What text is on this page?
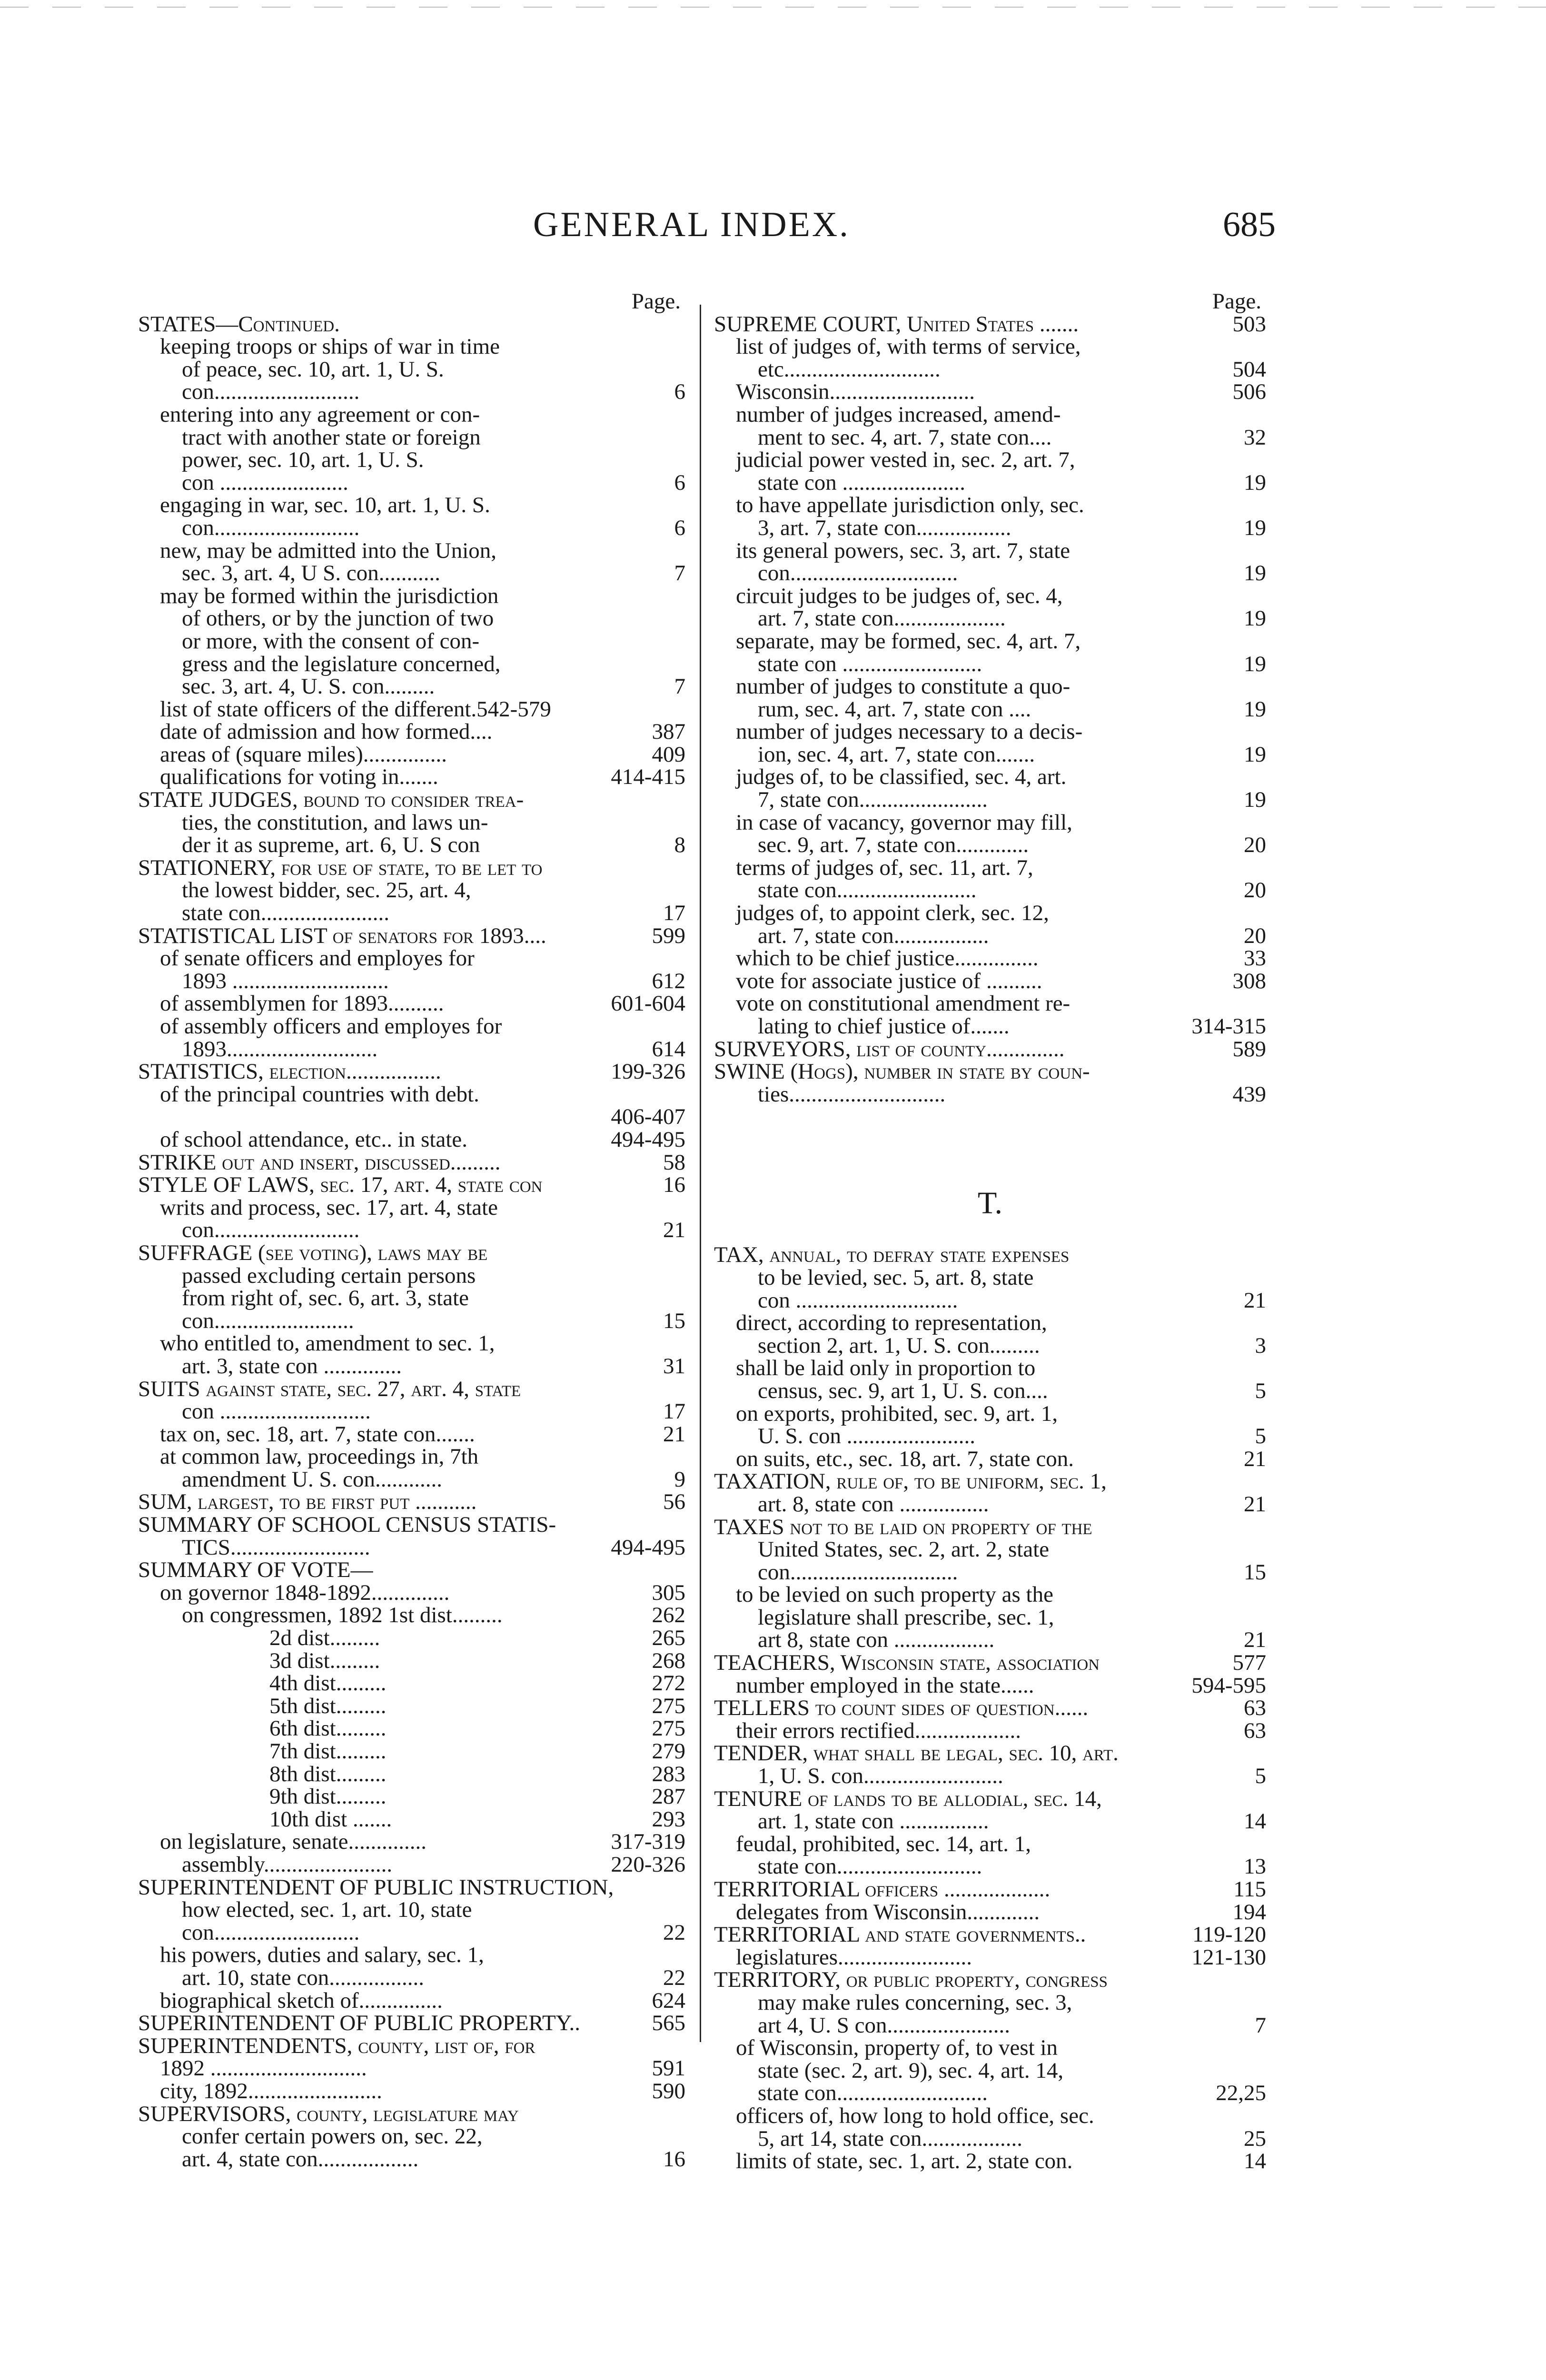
GENERAL INDEX.	685
Page.
STATES—Continued.
keeping troops or ships of war in time
of peace, sec. 10, art. 1, U. S.
con..........................	6
entering into any agreement or con-
tract with another state or foreign
power, sec. 10, art. 1, U. S.
con .......................	6
engaging in war, sec. 10, art. 1, U. S.
con..........................	6
new, may be admitted into the Union,
sec. 3, art. 4, U S. con...........	7
may be formed within the jurisdiction
of others, or by the junction of two
or more, with the consent of con-
gress and the legislature concerned,
sec. 3, art. 4, U. S. con.........	7
list of state officers of the different.542-579
date of admission and how formed....	387
areas of (square miles)...............	409
qualifications for voting in.......	414-415
STATE JUDGES, bound to consider trea-
ties, the constitution, and laws un-
der it as supreme, art. 6, U. S con	8
STATIONERY, for use of state, to be let to
the lowest bidder, sec. 25, art. 4,
state con.......................	17
STATISTICAL LIST of senators for 1893....	599
of senate officers and employes for
1893 ............................	612
of assemblymen for 1893..........	601-604
of assembly officers and employes for
1893...........................	614
STATISTICS, election.................	199-326
of the principal countries with debt.
406-407
of school attendance, etc.. in state.	494-495
STRIKE out and insert, discussed.........	58
STYLE OF LAWS, sec. 17, art. 4, state con	16
writs and process, sec. 17, art. 4, state
con..........................	21
SUFFRAGE (see voting), laws may be
passed excluding certain persons
from right of, sec. 6, art. 3, state
con.........................	15
who entitled to, amendment to sec. 1,
art. 3, state con ..............	31
SUITS against state, sec. 27, art. 4, state
con ...........................	17
tax on, sec. 18, art. 7, state con.......	21
at common law, proceedings in, 7th
amendment U. S. con............	9
SUM, largest, to be first put ...........	56
SUMMARY OF SCHOOL CENSUS STATIS-
TICS.........................	494-495
SUMMARY OF VOTE—
on governor 1848-1892..............	305
on congressmen, 1892 1st dist.........	262
2d dist.........	265
3d dist.........	268
4th dist.........	272
5th dist.........	275
6th dist.........	275
7th dist.........	279
8th dist.........	283
9th dist.........	287
10th dist .......	293
on legislature, senate..............	317-319
assembly.......................	220-326
SUPERINTENDENT OF PUBLIC INSTRUCTION,
how elected, sec. 1, art. 10, state
con..........................	22
his powers, duties and salary, sec. 1,
art. 10, state con.................	22
biographical sketch of...............	624
SUPERINTENDENT OF PUBLIC PROPERTY..	565
SUPERINTENDENTS, county, list of, for
1892 ............................	591
city, 1892........................	590
SUPERVISORS, county, legislature may
confer certain powers on, sec. 22,
art. 4, state con..................	16
Page.
SUPREME COURT, United States .......	503
list of judges of, with terms of service,
etc............................	504
Wisconsin..........................	506
number of judges increased, amend-
ment to sec. 4, art. 7, state con....	32
judicial power vested in, sec. 2, art. 7,
state con ......................	19
to have appellate jurisdiction only, sec.
3, art. 7, state con.................	19
its general powers, sec. 3, art. 7, state
con..............................	19
circuit judges to be judges of, sec. 4,
art. 7, state con....................	19
separate, may be formed, sec. 4, art. 7,
state con .........................	19
number of judges to constitute a quo-
rum, sec. 4, art. 7, state con ....	19
number of judges necessary to a decis-
ion, sec. 4, art. 7, state con.......	19
judges of, to be classified, sec. 4, art.
7, state con.......................	19
in case of vacancy, governor may fill,
sec. 9, art. 7, state con.............	20
terms of judges of, sec. 11, art. 7,
state con.........................	20
judges of, to appoint clerk, sec. 12,
art. 7, state con.................	20
which to be chief justice...............	33
vote for associate justice of ..........	308
vote on constitutional amendment re-
lating to chief justice of.......	314-315
SURVEYORS, list of county..............	589
SWINE (Hogs), number in state by coun-
ties............................	439
T.
TAX, annual, to defray state expenses
to be levied, sec. 5, art. 8, state
con .............................	21
direct, according to representation,
section 2, art. 1, U. S. con.........	3
shall be laid only in proportion to
census, sec. 9, art 1, U. S. con....	5
on exports, prohibited, sec. 9, art. 1,
U. S. con .......................	5
on suits, etc., sec. 18, art. 7, state con.	21
TAXATION, rule of, to be uniform, sec. 1,
art. 8, state con ................	21
TAXES not to be laid on property of the
United States, sec. 2, art. 2, state
con..............................	15
to be levied on such property as the
legislature shall prescribe, sec. 1,
art 8, state con ..................	21
TEACHERS, Wisconsin state, association	577
number employed in the state......	594-595
TELLERS to count sides of question......	63
their errors rectified...................	63
TENDER, what shall be legal, sec. 10, art.
1, U. S. con.........................	5
TENURE of lands to be allodial, sec. 14,
art. 1, state con ................	14
feudal, prohibited, sec. 14, art. 1,
state con..........................	13
TERRITORIAL officers ...................	115
delegates from Wisconsin.............	194
TERRITORIAL and state governments..	119-120
legislatures........................	121-130
TERRITORY, or public property, congress
may make rules concerning, sec. 3,
art 4, U. S con......................	7
of Wisconsin, property of, to vest in
state (sec. 2, art. 9), sec. 4, art. 14,
state con...........................	22,25
officers of, how long to hold office, sec.
5, art 14, state con..................	25
limits of state, sec. 1, art. 2, state con.	14
